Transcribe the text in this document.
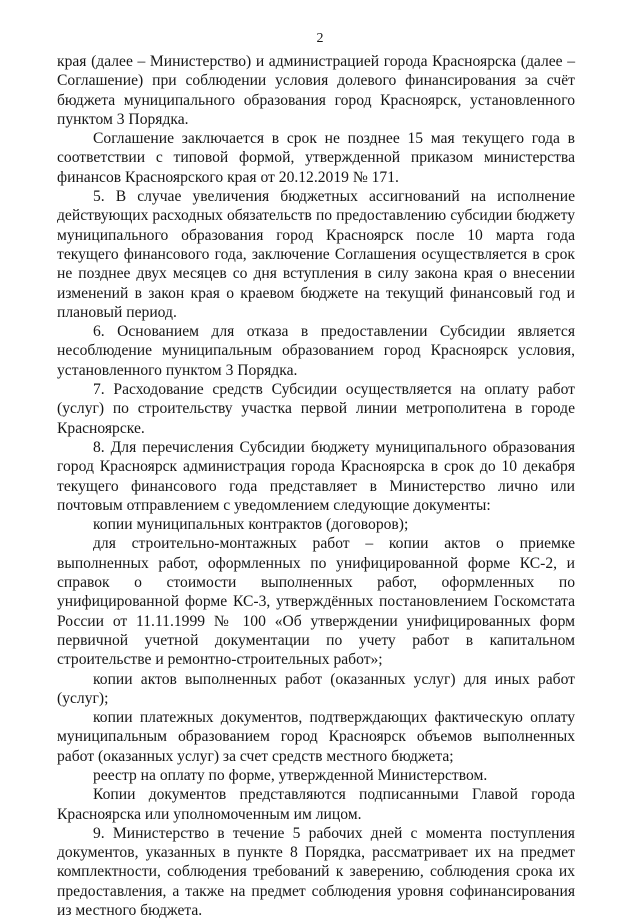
2

края (далее – Министерство) и администрацией города Красноярска (далее – Соглашение) при соблюдении условия долевого финансирования за счёт бюджета муниципального образования город Красноярск, установленного пунктом 3 Порядка.

Соглашение заключается в срок не позднее 15 мая текущего года в соответствии с типовой формой, утвержденной приказом министерства финансов Красноярского края от 20.12.2019 № 171.

5. В случае увеличения бюджетных ассигнований на исполнение действующих расходных обязательств по предоставлению субсидии бюджету муниципального образования город Красноярск после 10 марта года текущего финансового года, заключение Соглашения осуществляется в срок не позднее двух месяцев со дня вступления в силу закона края о внесении изменений в закон края о краевом бюджете на текущий финансовый год и плановый период.

6. Основанием для отказа в предоставлении Субсидии является несоблюдение муниципальным образованием город Красноярск условия, установленного пунктом 3 Порядка.

7. Расходование средств Субсидии осуществляется на оплату работ (услуг) по строительству участка первой линии метрополитена в городе Красноярске.

8. Для перечисления Субсидии бюджету муниципального образования город Красноярск администрация города Красноярска в срок до 10 декабря текущего финансового года представляет в Министерство лично или почтовым отправлением с уведомлением следующие документы:

копии муниципальных контрактов (договоров);

для строительно-монтажных работ – копии актов о приемке выполненных работ, оформленных по унифицированной форме КС-2, и справок о стоимости выполненных работ, оформленных по унифицированной форме КС-3, утверждённых постановлением Госкомстата России от 11.11.1999 № 100 «Об утверждении унифицированных форм первичной учетной документации по учету работ в капитальном строительстве и ремонтно-строительных работ»;

копии актов выполненных работ (оказанных услуг) для иных работ (услуг);

копии платежных документов, подтверждающих фактическую оплату муниципальным образованием город Красноярск объемов выполненных работ (оказанных услуг) за счет средств местного бюджета;

реестр на оплату по форме, утвержденной Министерством.

Копии документов представляются подписанными Главой города Красноярска или уполномоченным им лицом.

9. Министерство в течение 5 рабочих дней с момента поступления документов, указанных в пункте 8 Порядка, рассматривает их на предмет комплектности, соблюдения требований к заверению, соблюдения срока их предоставления, а также на предмет соблюдения уровня софинансирования из местного бюджета.
